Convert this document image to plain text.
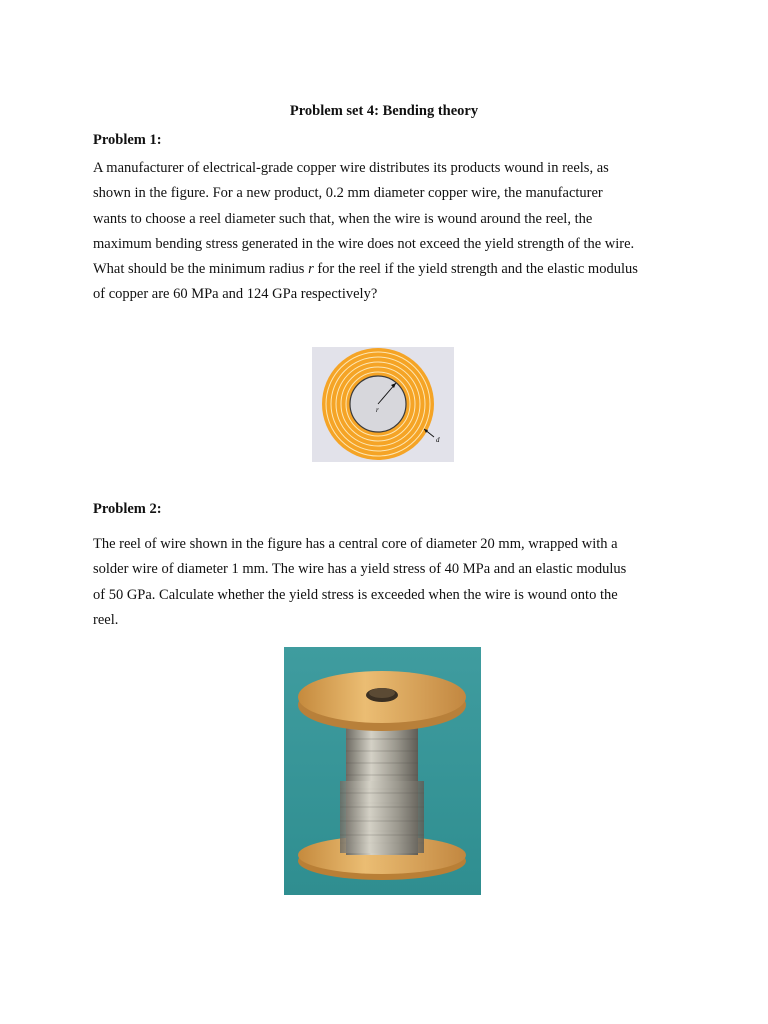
Problem set 4: Bending theory
Problem 1:
A manufacturer of electrical-grade copper wire distributes its products wound in reels, as
shown in the figure. For a new product, 0.2 mm diameter copper wire, the manufacturer
wants to choose a reel diameter such that, when the wire is wound around the reel, the
maximum bending stress generated in the wire does not exceed the yield strength of the wire.
What should be the minimum radius r for the reel if the yield strength and the elastic modulus
of copper are 60 MPa and 124 GPa respectively?
r
d
Problem 2:
The reel of wire shown in the figure has a central core of diameter 20 mm, wrapped with a
solder wire of diameter 1 mm. The wire has a yield stress of 40 MPa and an elastic modulus
of 50 GPa. Calculate whether the yield stress is exceeded when the wire is wound onto the
reel.
